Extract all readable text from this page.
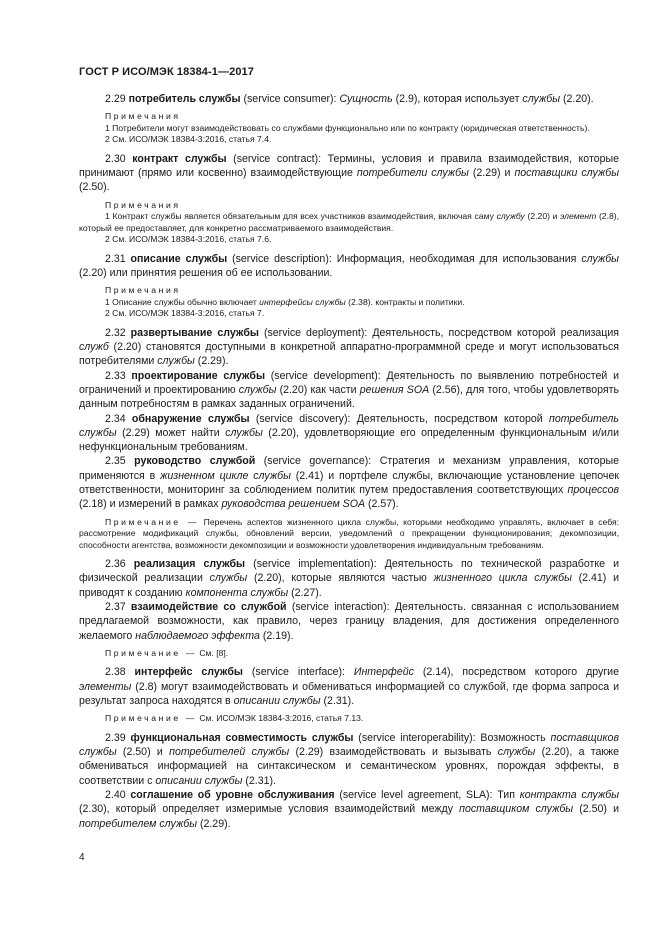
ГОСТ Р ИСО/МЭК 18384-1—2017

2.29 потребитель службы (service consumer): Сущность (2.9), которая использует службы (2.20).

Примечания

1 Потребители могут взаимодействовать со службами функционально или по контракту (юридическая ответственность).

2 См. ИСО/МЭК 18384-3:2016, статья 7.4.

2.30 контракт службы (service contract): Термины, условия и правила взаимодействия, которые принимают (прямо или косвенно) взаимодействующие потребители службы (2.29) и поставщики службы (2.50).

Примечания

1 Контракт службы является обязательным для всех участников взаимодействия, включая саму службу (2.20) и элемент (2.8), который ее предоставляет, для конкретно рассматриваемого взаимодействия.

2 См. ИСО/МЭК 18384-3:2016, статья 7.6.

2.31 описание службы (service description): Информация, необходимая для использования службы (2.20) или принятия решения об ее использовании.

Примечания

1 Описание службы обычно включает интерфейсы службы (2.38). контракты и политики.

2 См. ИСО/МЭК 18384-3:2016, статья 7.

2.32 развертывание службы (service deployment): Деятельность, посредством которой реализация служб (2.20) становятся доступными в конкретной аппаратно-программной среде и могут использоваться потребителями службы (2.29).

2.33 проектирование службы (service development): Деятельность по выявлению потребностей и ограничений и проектированию службы (2.20) как части решения SOA (2.56), для того, чтобы удовлетворять данным потребностям в рамках заданных ограничений.

2.34 обнаружение службы (service discovery): Деятельность, посредством которой потребитель службы (2.29) может найти службы (2.20), удовлетворяющие его определенным функциональным и/или нефункциональным требованиям.

2.35 руководство службой (service governance): Стратегия и механизм управления, которые применяются в жизненном цикле службы (2.41) и портфеле службы, включающие установление цепочек ответственности, мониторинг за соблюдением политик путем предоставления соответствующих процессов (2.18) и измерений в рамках руководства решением SOA (2.57).

Примечание — Перечень аспектов жизненного цикла службы, которыми необходимо управлять, включает в себя: рассмотрение модификаций службы, обновлений версии, уведомлений о прекращении функционирования; декомпозиции, способности агентства, возможности декомпозиции и возможности удовлетворения индивидуальным требованиям.

2.36 реализация службы (service implementation): Деятельность по технической разработке и физической реализации службы (2.20), которые являются частью жизненного цикла службы (2.41) и приводят к созданию компонента службы (2.27).

2.37 взаимодействие со службой (service interaction): Деятельность. связанная с использованием предлагаемой возможности, как правило, через границу владения, для достижения определенного желаемого наблюдаемого эффекта (2.19).

Примечание — См. [8].

2.38 интерфейс службы (service interface): Интерфейс (2.14), посредством которого другие элементы (2.8) могут взаимодействовать и обмениваться информацией со службой, где форма запроса и результат запроса находятся в описании службы (2.31).

Примечание — См. ИСО/МЭК 18384-3:2016, статья 7.13.

2.39 функциональная совместимость службы (service interoperability): Возможность поставщиков службы (2.50) и потребителей службы (2.29) взаимодействовать и вызывать службы (2.20), а также обмениваться информацией на синтаксическом и семантическом уровнях, порождая эффекты, в соответствии с описании службы (2.31).

2.40 соглашение об уровне обслуживания (service level agreement, SLA): Тип контракта службы (2.30), который определяет измеримые условия взаимодействий между поставщиком службы (2.50) и потребителем службы (2.29).

4
